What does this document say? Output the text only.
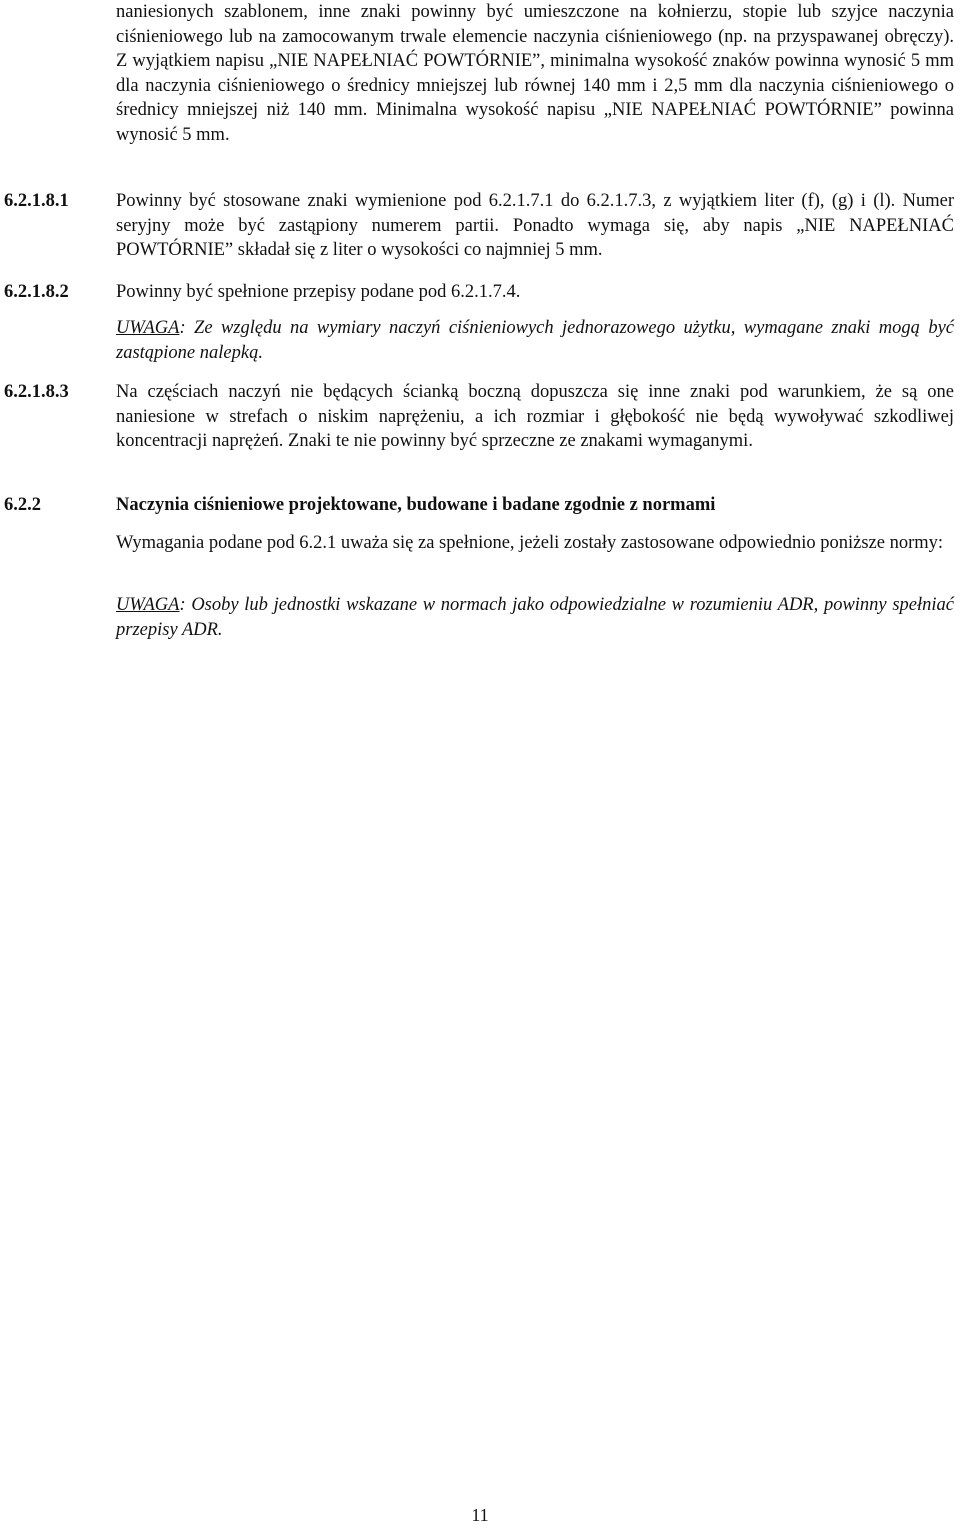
naniesionych szablonem, inne znaki powinny być umieszczone na kołnierzu, stopie lub szyjce naczynia ciśnieniowego lub na zamocowanym trwale elemencie naczynia ciśnieniowego (np. na przyspawanej obręczy). Z wyjątkiem napisu „NIE NAPEŁNIAĆ POWTÓRNIE”, minimalna wysokość znaków powinna wynosić 5 mm dla naczynia ciśnieniowego o średnicy mniejszej lub równej 140 mm i 2,5 mm dla naczynia ciśnieniowego o średnicy mniejszej niż 140 mm. Minimalna wysokość napisu „NIE NAPEŁNIAĆ POWTÓRNIE” powinna wynosić 5 mm.
6.2.1.8.1	Powinny być stosowane znaki wymienione pod 6.2.1.7.1 do 6.2.1.7.3, z wyjątkiem liter (f), (g) i (l). Numer seryjny może być zastąpiony numerem partii. Ponadto wymaga się, aby napis „NIE NAPEŁNIAĆ POWTÓRNIE” składał się z liter o wysokości co najmniej 5 mm.
6.2.1.8.2	Powinny być spełnione przepisy podane pod 6.2.1.7.4.
UWAGA: Ze względu na wymiary naczyń ciśnieniowych jednorazowego użytku, wymagane znaki mogą być zastąpione nalepką.
6.2.1.8.3	Na częściach naczyń nie będących ścianką boczną dopuszcza się inne znaki pod warunkiem, że są one naniesione w strefach o niskim naprężeniu, a ich rozmiar i głębokość nie będą wywoływać szkodliwej koncentracji naprężeń. Znaki te nie powinny być sprzeczne ze znakami wymaganymi.
6.2.2	Naczynia ciśnieniowe projektowane, budowane i badane zgodnie z normami
Wymagania podane pod 6.2.1 uważa się za spełnione, jeżeli zostały zastosowane odpowiednio poniższe normy:
UWAGA: Osoby lub jednostki wskazane w normach jako odpowiedzialne w rozumieniu ADR, powinny spełniać przepisy ADR.
11
